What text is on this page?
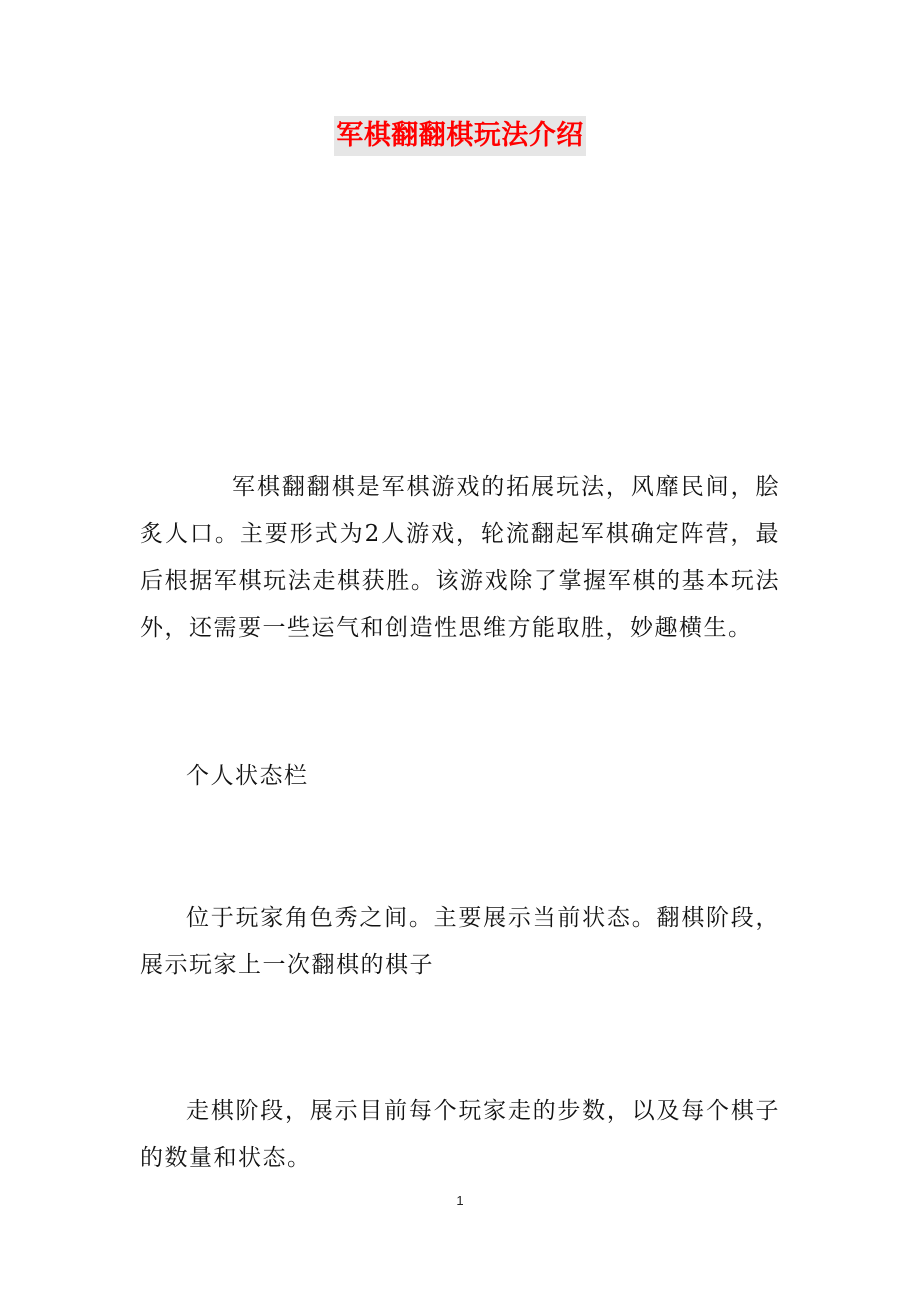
军棋翻翻棋玩法介绍
军棋翻翻棋是军棋游戏的拓展玩法，风靡民间，脍炙人口。主要形式为2人游戏，轮流翻起军棋确定阵营，最后根据军棋玩法走棋获胜。该游戏除了掌握军棋的基本玩法外，还需要一些运气和创造性思维方能取胜，妙趣横生。
个人状态栏
位于玩家角色秀之间。主要展示当前状态。翻棋阶段，展示玩家上一次翻棋的棋子
走棋阶段，展示目前每个玩家走的步数，以及每个棋子的数量和状态。
1
